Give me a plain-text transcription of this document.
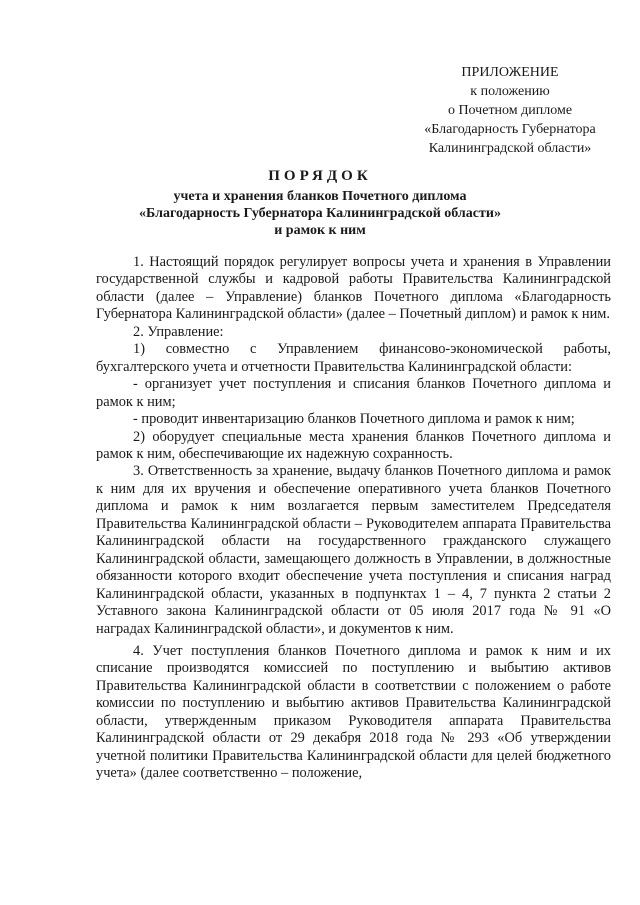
ПРИЛОЖЕНИЕ
к положению
о Почетном дипломе
«Благодарность Губернатора
Калининградской области»
ПОРЯДОК
учета и хранения бланков Почетного диплома
«Благодарность Губернатора Калининградской области»
и рамок к ним

1. Настоящий порядок регулирует вопросы учета и хранения в Управлении государственной службы и кадровой работы Правительства Калининградской области (далее – Управление) бланков Почетного диплома «Благодарность Губернатора Калининградской области» (далее – Почетный диплом) и рамок к ним.

2. Управление:

1) совместно с Управлением финансово-экономической работы, бухгалтерского учета и отчетности Правительства Калининградской области:

- организует учет поступления и списания бланков Почетного диплома и рамок к ним;

- проводит инвентаризацию бланков Почетного диплома и рамок к ним;

2) оборудует специальные места хранения бланков Почетного диплома и рамок к ним, обеспечивающие их надежную сохранность.

3. Ответственность за хранение, выдачу бланков Почетного диплома и рамок к ним для их вручения и обеспечение оперативного учета бланков Почетного диплома и рамок к ним возлагается первым заместителем Председателя Правительства Калининградской области – Руководителем аппарата Правительства Калининградской области на государственного гражданского служащего Калининградской области, замещающего должность в Управлении, в должностные обязанности которого входит обеспечение учета поступления и списания наград Калининградской области, указанных в подпунктах 1 – 4, 7 пункта 2 статьи 2 Уставного закона Калининградской области от 05 июля 2017 года № 91 «О наградах Калининградской области», и документов к ним.

4. Учет поступления бланков Почетного диплома и рамок к ним и их списание производятся комиссией по поступлению и выбытию активов Правительства Калининградской области в соответствии с положением о работе комиссии по поступлению и выбытию активов Правительства Калининградской области, утвержденным приказом Руководителя аппарата Правительства Калининградской области от 29 декабря 2018 года № 293 «Об утверждении учетной политики Правительства Калининградской области для целей бюджетного учета» (далее соответственно – положение,
